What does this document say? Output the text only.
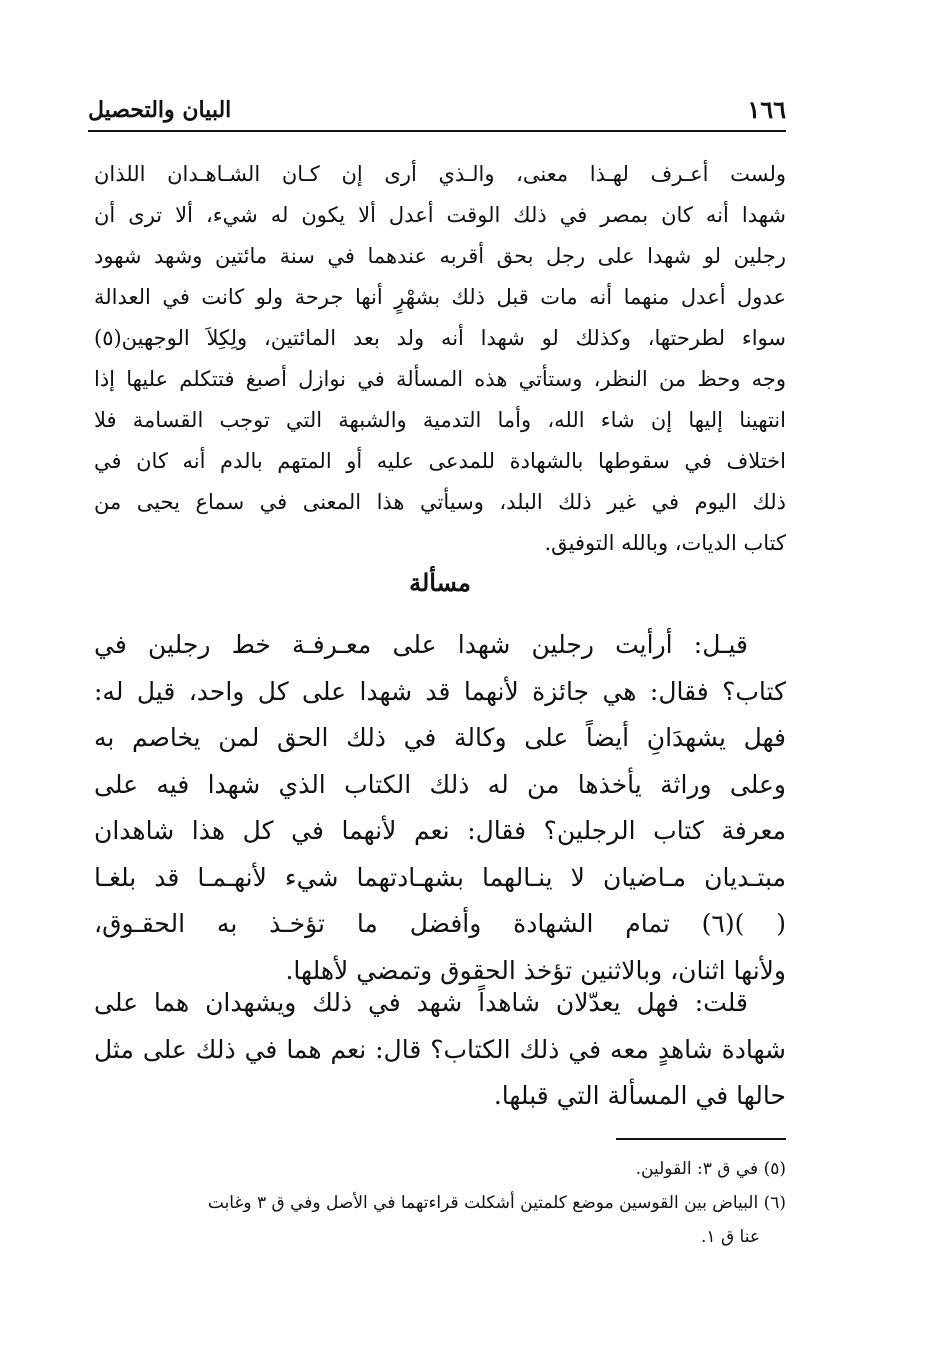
١٦٦
البيان والتحصيل
ولست أعـرف لهـذا معنى، والـذي أرى إن كـان الشـاهـدان اللذان
شهدا أنه كان بمصر في ذلك الوقت أعدل ألا يكون له شيء، ألا ترى أن
رجلين لو شهدا على رجل بحق أقربه عندهما في سنة مائتين وشهد شهود
عدول أعدل منهما أنه مات قبل ذلك بشهْرٍ أنها جرحة ولو كانت في العدالة
سواء لطرحتها، وكذلك لو شهدا أنه ولد بعد المائتين، ولِكِلاَ الوجهين(٥)
وجه وحظ من النظر، وستأتي هذه المسألة في نوازل أصبغ فتتكلم عليها إذا
انتهينا إليها إن شاء الله، وأما التدمية والشبهة التي توجب القسامة فلا
اختلاف في سقوطها بالشهادة للمدعى عليه أو المتهم بالدم أنه كان في
ذلك اليوم في غير ذلك البلد، وسيأتي هذا المعنى في سماع يحيى من
كتاب الديات، وبالله التوفيق.
مسألة
قيـل: أرأيت رجلين شهدا على معـرفـة خط رجلين في
كتاب؟ فقال: هي جائزة لأنهما قد شهدا على كل واحد، قيل له:
فهل يشهدَانِ أيضاً على وكالة في ذلك الحق لمن يخاصم به
وعلى وراثة يأخذها من له ذلك الكتاب الذي شهدا فيه على
معرفة كتاب الرجلين؟ فقال: نعم لأنهما في كل هذا شاهدان
مبتـديان مـاضيان لا ينـالهما بشهـادتهما شيء لأنهـمـا قد بلغـا
( )(٦) تمام الشهادة وأفضل ما تؤخـذ به الحقـوق،
ولأنها اثنان، وبالاثنين تؤخذ الحقوق وتمضي لأهلها.
قلت: فهل يعدّلان شاهداً شهد في ذلك ويشهدان هما على
شهادة شاهدٍ معه في ذلك الكتاب؟ قال: نعم هما في ذلك على مثل
حالها في المسألة التي قبلها.
(٥) في ق ٣: القولين.
(٦) البياض بين القوسين موضع كلمتين أشكلت قراءتهما في الأصل وفي ق ٣ وغابت
عنا ق ١.
